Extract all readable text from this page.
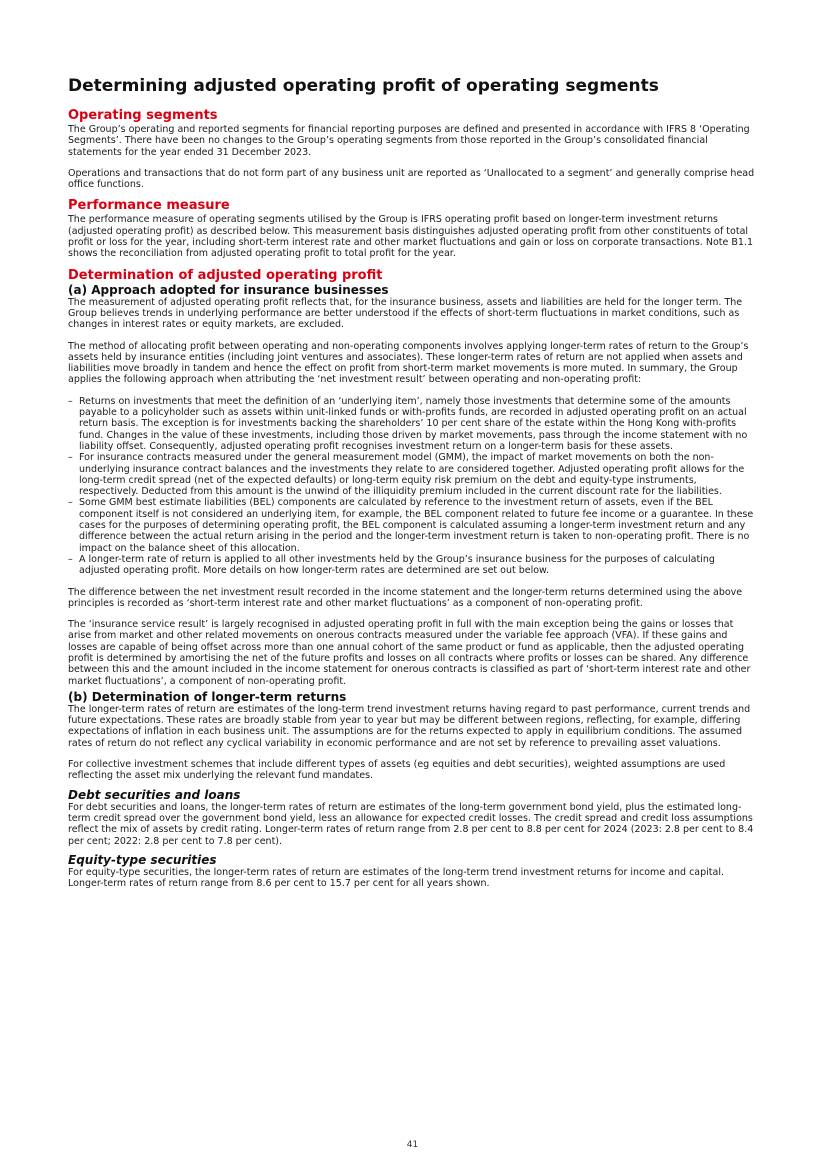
Determining adjusted operating profit of operating segments
Operating segments

The Group’s operating and reported segments for financial reporting purposes are defined and presented in accordance with IFRS 8 ‘Operating Segments’. There have been no changes to the Group’s operating segments from those reported in the Group’s consolidated financial statements for the year ended 31 December 2023.

Operations and transactions that do not form part of any business unit are reported as ‘Unallocated to a segment’ and generally comprise head office functions.

Performance measure

The performance measure of operating segments utilised by the Group is IFRS operating profit based on longer-term investment returns (adjusted operating profit) as described below. This measurement basis distinguishes adjusted operating profit from other constituents of total profit or loss for the year, including short-term interest rate and other market fluctuations and gain or loss on corporate transactions. Note B1.1 shows the reconciliation from adjusted operating profit to total profit for the year.

Determination of adjusted operating profit
(a) Approach adopted for insurance businesses

The measurement of adjusted operating profit reflects that, for the insurance business, assets and liabilities are held for the longer term. The Group believes trends in underlying performance are better understood if the effects of short-term fluctuations in market conditions, such as changes in interest rates or equity markets, are excluded.

The method of allocating profit between operating and non-operating components involves applying longer-term rates of return to the Group’s assets held by insurance entities (including joint ventures and associates). These longer-term rates of return are not applied when assets and liabilities move broadly in tandem and hence the effect on profit from short-term market movements is more muted. In summary, the Group applies the following approach when attributing the ‘net investment result’ between operating and non-operating profit:

– Returns on investments that meet the definition of an ‘underlying item’, namely those investments that determine some of the amounts payable to a policyholder such as assets within unit-linked funds or with-profits funds, are recorded in adjusted operating profit on an actual return basis. The exception is for investments backing the shareholders’ 10 per cent share of the estate within the Hong Kong with-profits fund. Changes in the value of these investments, including those driven by market movements, pass through the income statement with no liability offset. Consequently, adjusted operating profit recognises investment return on a longer-term basis for these assets.
– For insurance contracts measured under the general measurement model (GMM), the impact of market movements on both the non-underlying insurance contract balances and the investments they relate to are considered together. Adjusted operating profit allows for the long-term credit spread (net of the expected defaults) or long-term equity risk premium on the debt and equity-type instruments, respectively. Deducted from this amount is the unwind of the illiquidity premium included in the current discount rate for the liabilities.
– Some GMM best estimate liabilities (BEL) components are calculated by reference to the investment return of assets, even if the BEL component itself is not considered an underlying item, for example, the BEL component related to future fee income or a guarantee. In these cases for the purposes of determining operating profit, the BEL component is calculated assuming a longer-term investment return and any difference between the actual return arising in the period and the longer-term investment return is taken to non-operating profit. There is no impact on the balance sheet of this allocation.
– A longer-term rate of return is applied to all other investments held by the Group’s insurance business for the purposes of calculating adjusted operating profit. More details on how longer-term rates are determined are set out below.

The difference between the net investment result recorded in the income statement and the longer-term returns determined using the above principles is recorded as ‘short-term interest rate and other market fluctuations’ as a component of non-operating profit.

The ‘insurance service result’ is largely recognised in adjusted operating profit in full with the main exception being the gains or losses that arise from market and other related movements on onerous contracts measured under the variable fee approach (VFA). If these gains and losses are capable of being offset across more than one annual cohort of the same product or fund as applicable, then the adjusted operating profit is determined by amortising the net of the future profits and losses on all contracts where profits or losses can be shared. Any difference between this and the amount included in the income statement for onerous contracts is classified as part of ‘short-term interest rate and other market fluctuations’, a component of non-operating profit.

(b) Determination of longer-term returns

The longer-term rates of return are estimates of the long-term trend investment returns having regard to past performance, current trends and future expectations. These rates are broadly stable from year to year but may be different between regions, reflecting, for example, differing expectations of inflation in each business unit. The assumptions are for the returns expected to apply in equilibrium conditions. The assumed rates of return do not reflect any cyclical variability in economic performance and are not set by reference to prevailing asset valuations.

For collective investment schemes that include different types of assets (eg equities and debt securities), weighted assumptions are used reflecting the asset mix underlying the relevant fund mandates.

Debt securities and loans

For debt securities and loans, the longer-term rates of return are estimates of the long-term government bond yield, plus the estimated long-term credit spread over the government bond yield, less an allowance for expected credit losses. The credit spread and credit loss assumptions reflect the mix of assets by credit rating. Longer-term rates of return range from 2.8 per cent to 8.8 per cent for 2024 (2023: 2.8 per cent to 8.4 per cent; 2022: 2.8 per cent to 7.8 per cent).

Equity-type securities

For equity-type securities, the longer-term rates of return are estimates of the long-term trend investment returns for income and capital. Longer-term rates of return range from 8.6 per cent to 15.7 per cent for all years shown.

41
